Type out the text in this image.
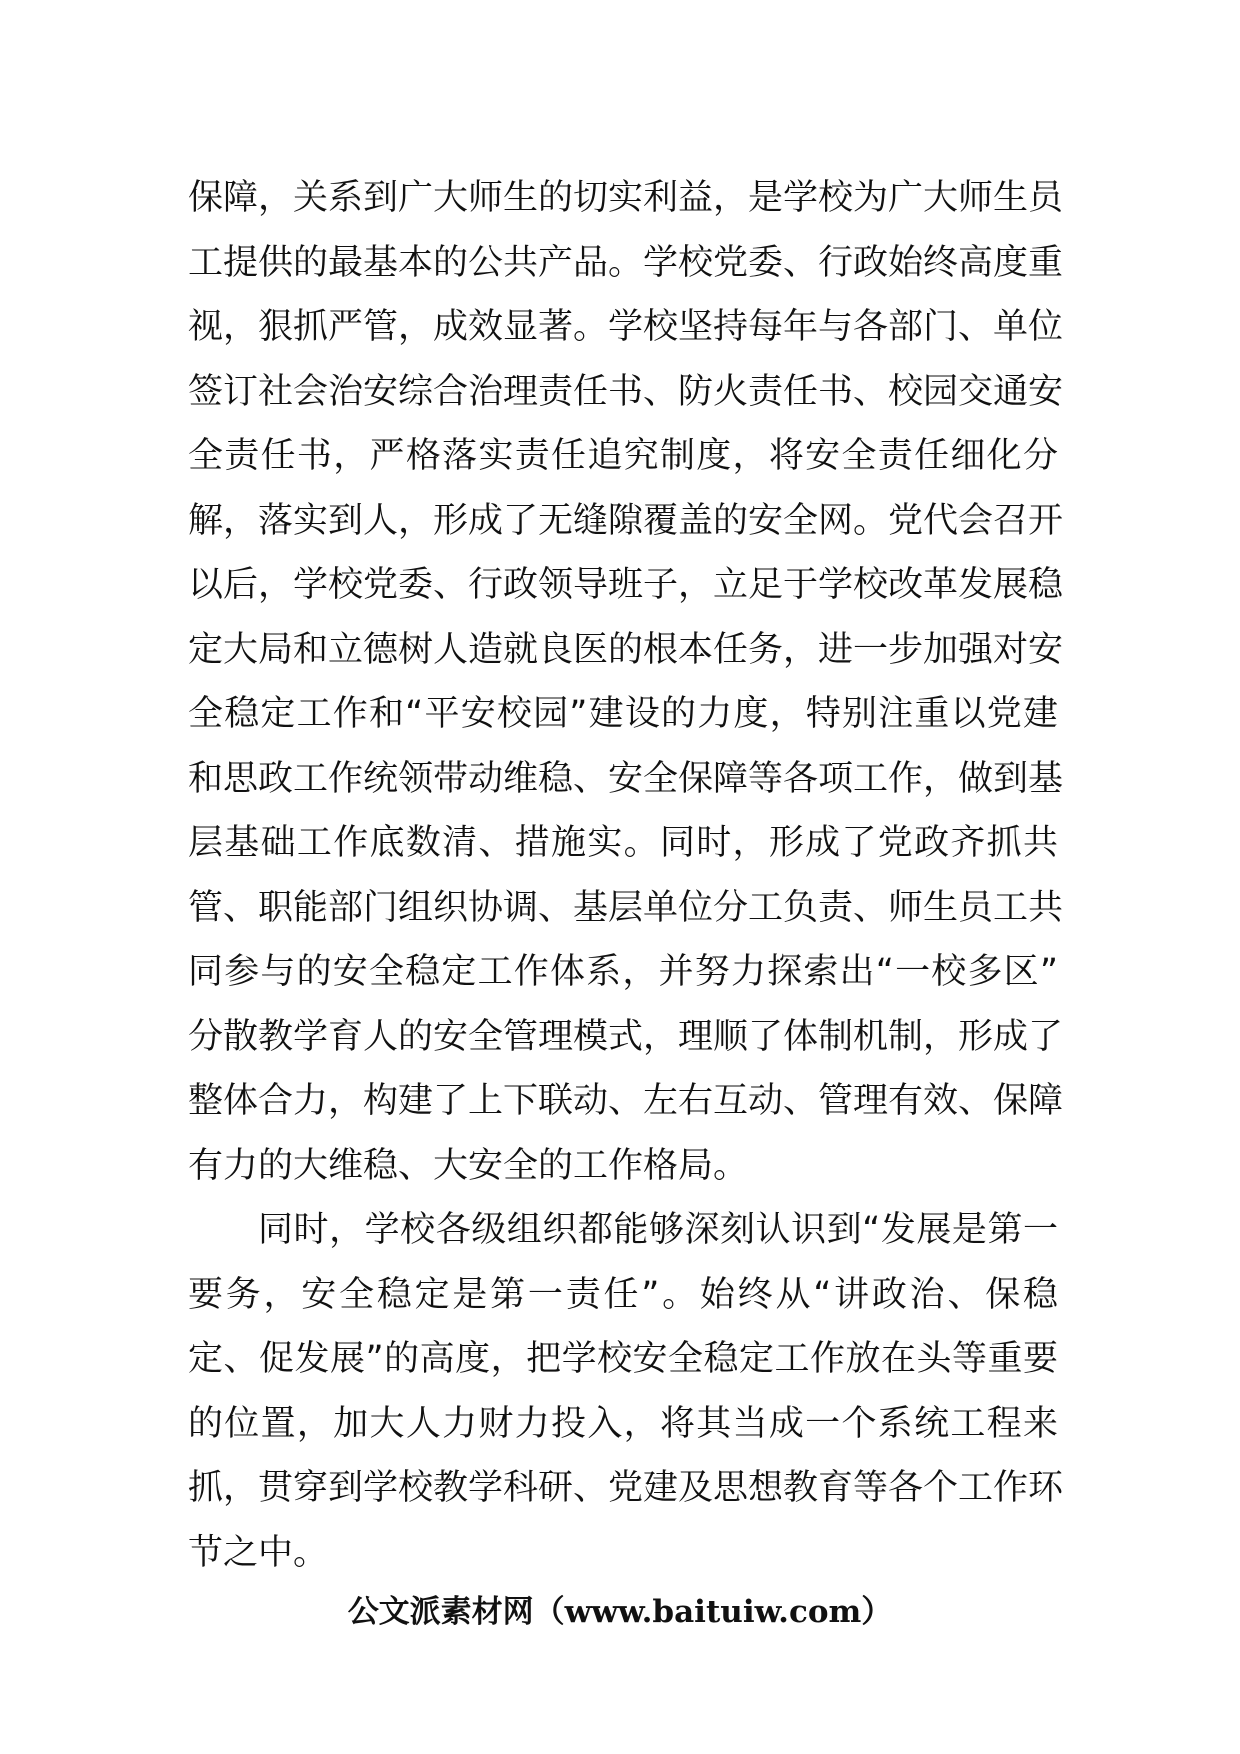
保障，关系到广大师生的切实利益，是学校为广大师生员
工提供的最基本的公共产品。学校党委、行政始终高度重
视，狠抓严管，成效显著。学校坚持每年与各部门、单位
签订社会治安综合治理责任书、防火责任书、校园交通安
全责任书，严格落实责任追究制度，将安全责任细化分
解，落实到人，形成了无缝隙覆盖的安全网。党代会召开
以后，学校党委、行政领导班子，立足于学校改革发展稳
定大局和立德树人造就良医的根本任务，进一步加强对安
全稳定工作和“平安校园”建设的力度，特别注重以党建
和思政工作统领带动维稳、安全保障等各项工作，做到基
层基础工作底数清、措施实。同时，形成了党政齐抓共
管、职能部门组织协调、基层单位分工负责、师生员工共
同参与的安全稳定工作体系，并努力探索出“一校多区”
分散教学育人的安全管理模式，理顺了体制机制，形成了
整体合力，构建了上下联动、左右互动、管理有效、保障
有力的大维稳、大安全的工作格局。
同时，学校各级组织都能够深刻认识到“发展是第一
要务，安全稳定是第一责任”。始终从“讲政治、保稳
定、促发展”的高度，把学校安全稳定工作放在头等重要
的位置，加大人力财力投入，将其当成一个系统工程来
抓，贯穿到学校教学科研、党建及思想教育等各个工作环
节之中。
公文派素材网（www.baituiw.com）
